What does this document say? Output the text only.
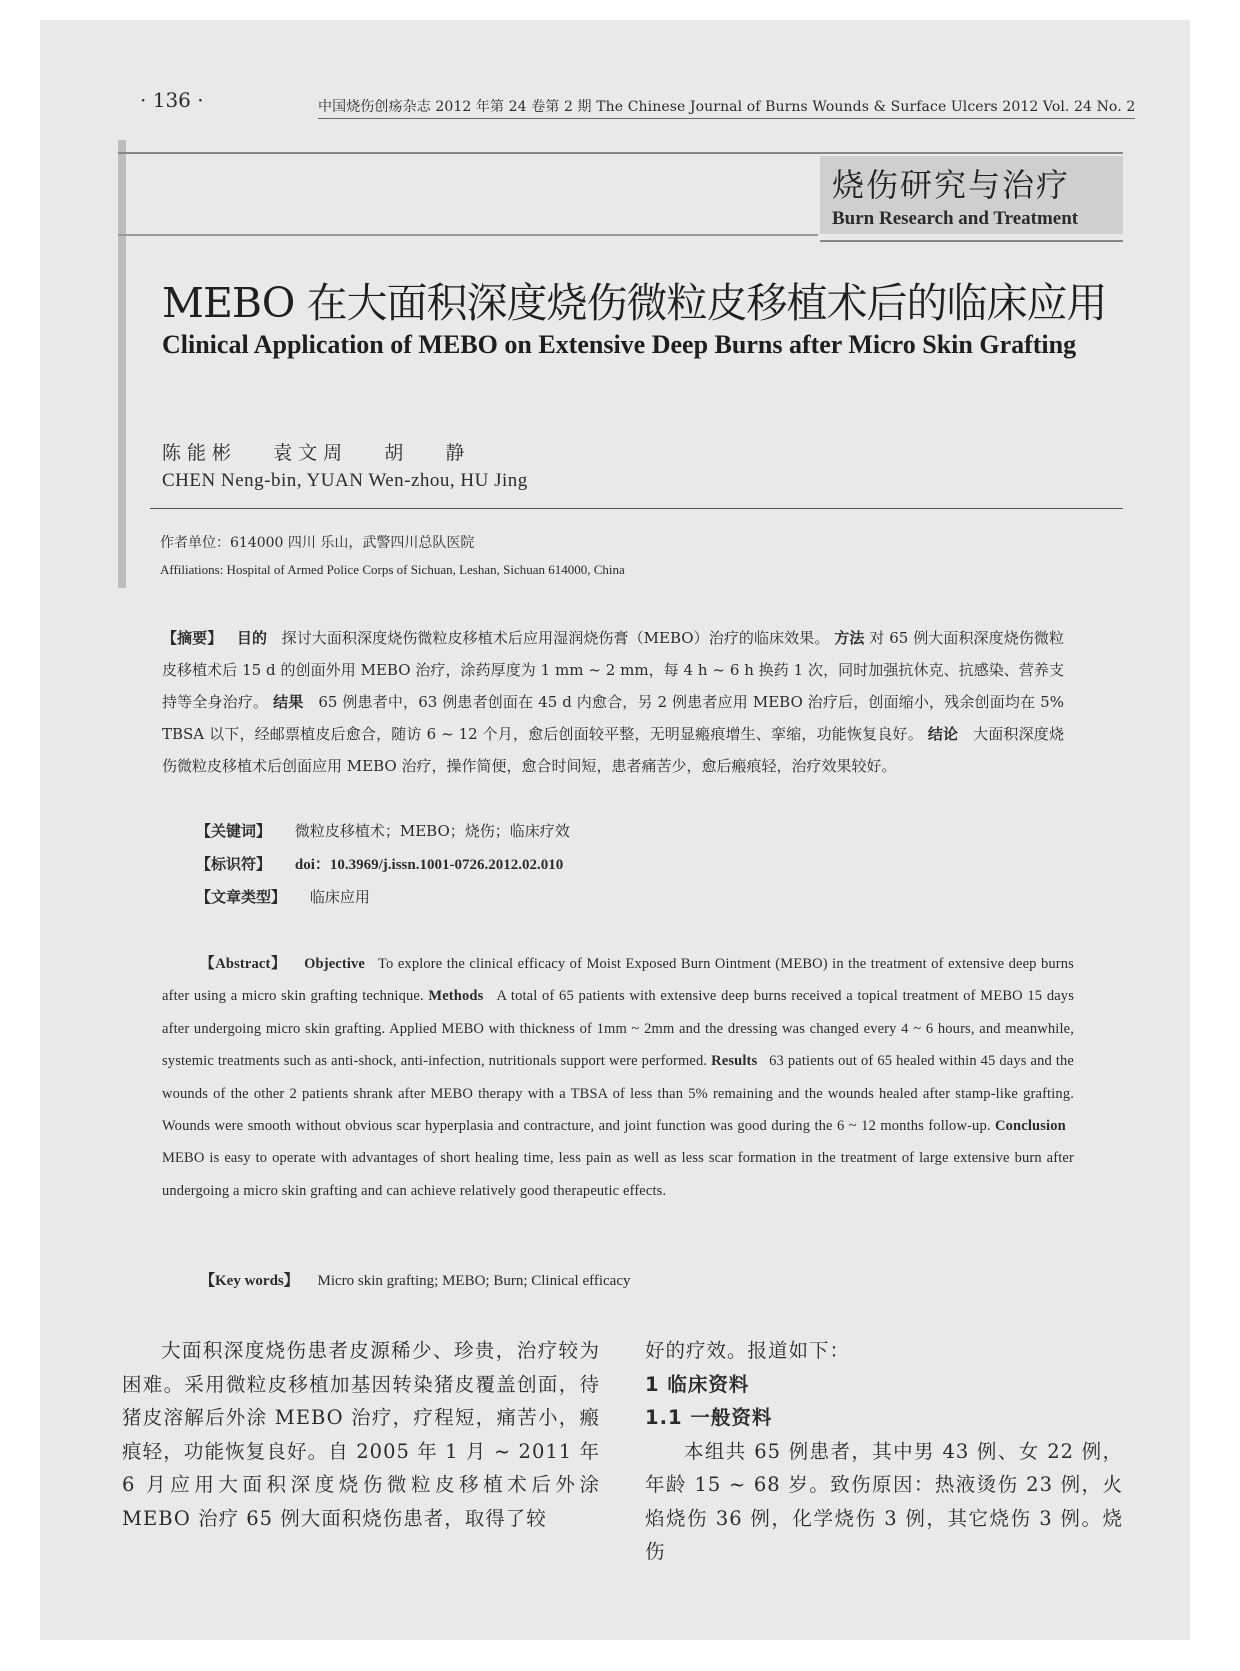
· 136 ·	中国烧伤创疡杂志 2012 年第 24 卷第 2 期 The Chinese Journal of Burns Wounds & Surface Ulcers 2012 Vol. 24 No. 2
烧伤研究与治疗
Burn Research and Treatment
MEBO 在大面积深度烧伤微粒皮移植术后的临床应用
Clinical Application of MEBO on Extensive Deep Burns after Micro Skin Grafting
陈能彬   袁文周   胡   静
CHEN Neng-bin, YUAN Wen-zhou, HU Jing
作者单位：614000 四川 乐山，武警四川总队医院
Affiliations: Hospital of Armed Police Corps of Sichuan, Leshan, Sichuan 614000, China
【摘要】 目的 探讨大面积深度烧伤微粒皮移植术后应用湿润烧伤膏（MEBO）治疗的临床效果。 方法 对 65 例大面积深度烧伤微粒皮移植术后 15 d 的创面外用 MEBO 治疗，涂药厚度为 1 mm ~ 2 mm，每 4 h ~ 6 h 换药 1 次，同时加强抗休克、抗感染、营养支持等全身治疗。 结果 65 例患者中，63 例患者创面在 45 d 内愈合，另 2 例患者应用 MEBO 治疗后，创面缩小，残余创面均在 5% TBSA 以下，经邮票植皮后愈合，随访 6 ~ 12 个月，愈后创面较平整，无明显瘢痕增生、挛缩，功能恢复良好。 结论 大面积深度烧伤微粒皮移植术后创面应用 MEBO 治疗，操作简便，愈合时间短，患者痛苦少，愈后瘢痕轻，治疗效果较好。
【关键词】 微粒皮移植术；MEBO；烧伤；临床疗效
【标识符】 doi：10.3969/j.issn.1001-0726.2012.02.010
【文章类型】 临床应用
【Abstract】 Objective To explore the clinical efficacy of Moist Exposed Burn Ointment (MEBO) in the treatment of extensive deep burns after using a micro skin grafting technique. Methods A total of 65 patients with extensive deep burns received a topical treatment of MEBO 15 days after undergoing micro skin grafting. Applied MEBO with thickness of 1mm ~ 2mm and the dressing was changed every 4 ~ 6 hours, and meanwhile, systemic treatments such as anti-shock, anti-infection, nutritionals support were performed. Results 63 patients out of 65 healed within 45 days and the wounds of the other 2 patients shrank after MEBO therapy with a TBSA of less than 5% remaining and the wounds healed after stamp-like grafting. Wounds were smooth without obvious scar hyperplasia and contracture, and joint function was good during the 6 ~ 12 months follow-up. Conclusion   MEBO is easy to operate with advantages of short healing time, less pain as well as less scar formation in the treatment of large extensive burn after undergoing a micro skin grafting and can achieve relatively good therapeutic effects.
【Key words】 Micro skin grafting; MEBO; Burn; Clinical efficacy
大面积深度烧伤患者皮源稀少、珍贵，治疗较为困难。采用微粒皮移植加基因转染猪皮覆盖创面，待猪皮溶解后外涂 MEBO 治疗，疗程短，痛苦小，瘢痕轻，功能恢复良好。自 2005 年 1 月 ~ 2011 年 6 月应用大面积深度烧伤微粒皮移植术后外涂 MEBO 治疗 65 例大面积烧伤患者，取得了较
好的疗效。报道如下：
1 临床资料
1.1 一般资料
本组共 65 例患者，其中男 43 例、女 22 例，年龄 15 ~ 68 岁。致伤原因：热液烫伤 23 例，火焰烧伤 36 例，化学烧伤 3 例，其它烧伤 3 例。烧伤
